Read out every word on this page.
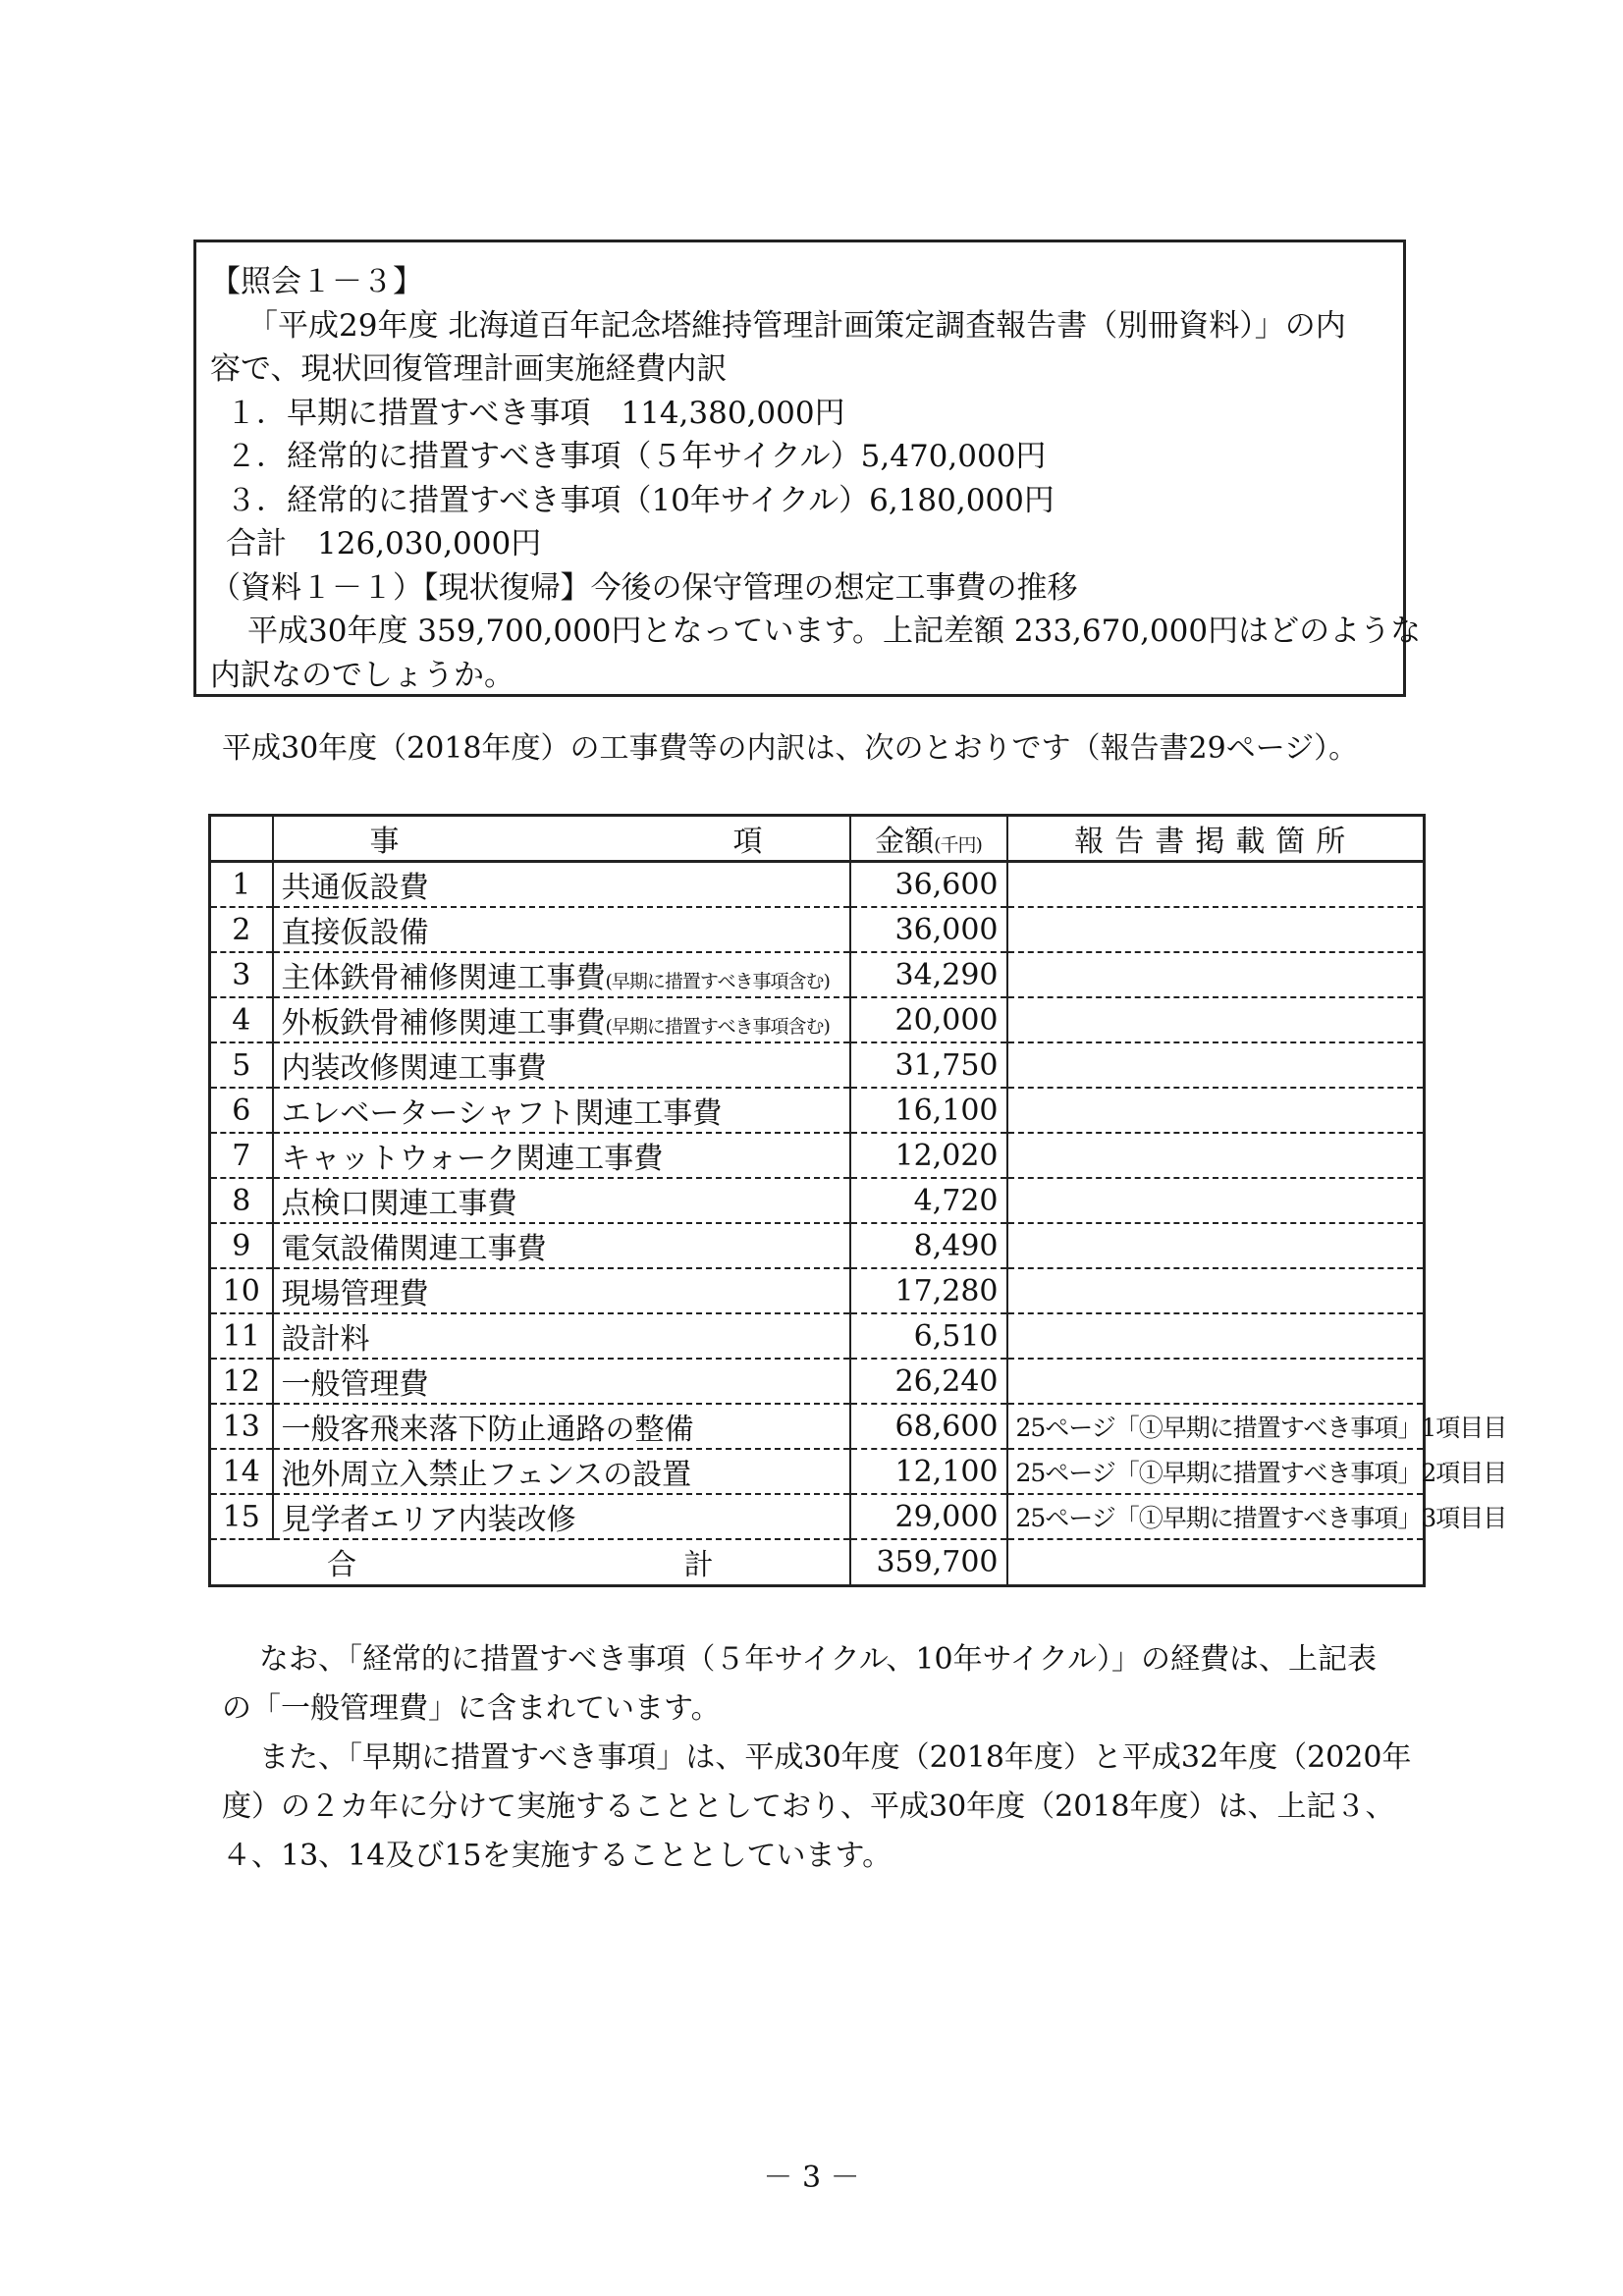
【照会１－３】

「平成29年度 北海道百年記念塔維持管理計画策定調査報告書（別冊資料）」の内

容で、現状回復管理計画実施経費内訳

１．早期に措置すべき事項　114,380,000円

２．経常的に措置すべき事項（５年サイクル）5,470,000円

３．経常的に措置すべき事項（10年サイクル）6,180,000円

合計　126,030,000円

（資料１－１）【現状復帰】今後の保守管理の想定工事費の推移

平成30年度 359,700,000円となっています。上記差額 233,670,000円はどのような

内訳なのでしょうか。

平成30年度（2018年度）の工事費等の内訳は、次のとおりです（報告書29ページ）。

	事 項	金額(千円)	報告書掲載箇所
1	共通仮設費	36,600	
2	直接仮設備	36,000	
3	主体鉄骨補修関連工事費(早期に措置すべき事項含む)	34,290	
4	外板鉄骨補修関連工事費(早期に措置すべき事項含む)	20,000	
5	内装改修関連工事費	31,750	
6	エレベーターシャフト関連工事費	16,100	
7	キャットウォーク関連工事費	12,020	
8	点検口関連工事費	4,720	
9	電気設備関連工事費	8,490	
10	現場管理費	17,280	
11	設計料	6,510	
12	一般管理費	26,240	
13	一般客飛来落下防止通路の整備	68,600	25ページ「①早期に措置すべき事項」1項目目
14	池外周立入禁止フェンスの設置	12,100	25ページ「①早期に措置すべき事項」2項目目
15	見学者エリア内装改修	29,000	25ページ「①早期に措置すべき事項」3項目目

合 計		359,700	

なお、「経常的に措置すべき事項（５年サイクル、10年サイクル）」の経費は、上記表
の「一般管理費」に含まれています。

また、「早期に措置すべき事項」は、平成30年度（2018年度）と平成32年度（2020年
度）の２カ年に分けて実施することとしており、平成30年度（2018年度）は、上記３、
４、13、14及び15を実施することとしています。

－ 3 －
